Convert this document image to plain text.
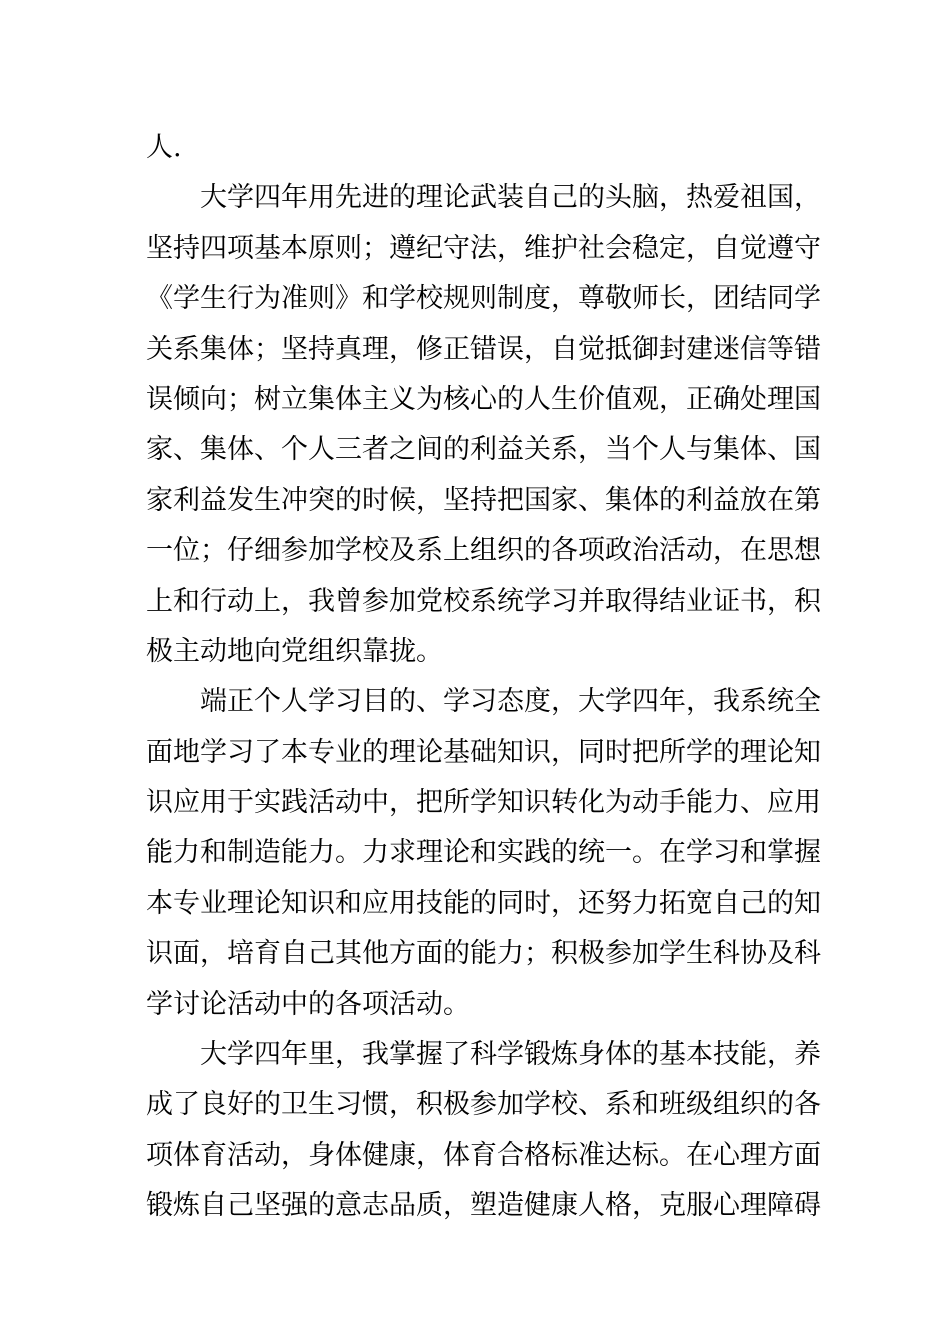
人.
大学四年用先进的理论武装自己的头脑，热爱祖国，
坚持四项基本原则；遵纪守法，维护社会稳定，自觉遵守
《学生行为准则》和学校规则制度，尊敬师长，团结同学
关系集体；坚持真理，修正错误，自觉抵御封建迷信等错
误倾向；树立集体主义为核心的人生价值观，正确处理国
家、集体、个人三者之间的利益关系，当个人与集体、国
家利益发生冲突的时候，坚持把国家、集体的利益放在第
一位；仔细参加学校及系上组织的各项政治活动，在思想
上和行动上，我曾参加党校系统学习并取得结业证书，积
极主动地向党组织靠拢。
端正个人学习目的、学习态度，大学四年，我系统全
面地学习了本专业的理论基础知识，同时把所学的理论知
识应用于实践活动中，把所学知识转化为动手能力、应用
能力和制造能力。力求理论和实践的统一。在学习和掌握
本专业理论知识和应用技能的同时，还努力拓宽自己的知
识面，培育自己其他方面的能力；积极参加学生科协及科
学讨论活动中的各项活动。
大学四年里，我掌握了科学锻炼身体的基本技能，养
成了良好的卫生习惯，积极参加学校、系和班级组织的各
项体育活动，身体健康，体育合格标准达标。在心理方面
锻炼自己坚强的意志品质，塑造健康人格，克服心理障碍
